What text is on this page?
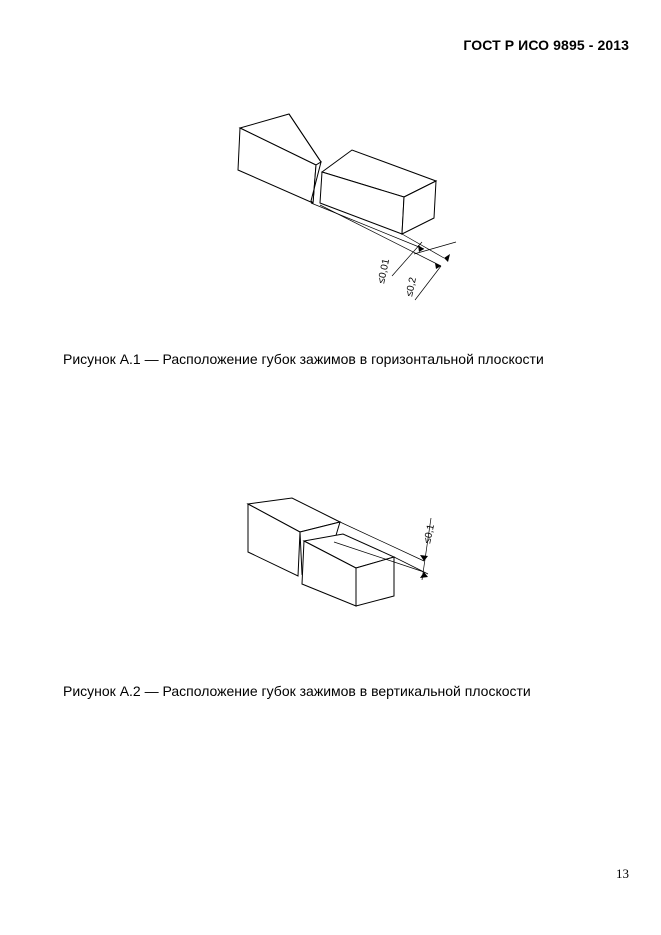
ГОСТ Р ИСО 9895 - 2013
≤0,01
≤0,2
Рисунок А.1 — Расположение губок зажимов в горизонтальной плоскости
≤0,1
Рисунок А.2 — Расположение губок зажимов в вертикальной плоскости
13
